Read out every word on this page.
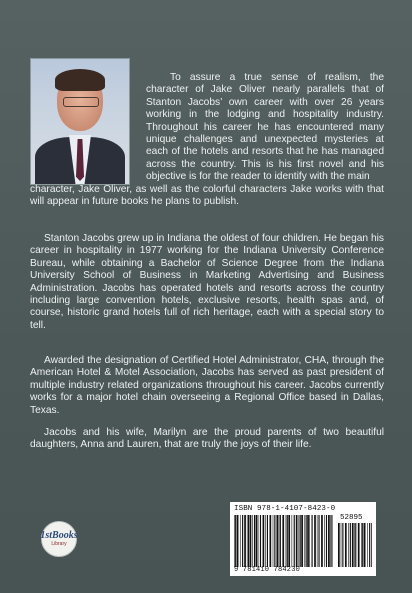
To assure a true sense of realism, the character of Jake Oliver nearly parallels that of Stanton Jacobs’ own career with over 26 years working in the lodging and hospitality industry. Throughout his career he has encountered many unique challenges and unexpected mysteries at each of the hotels and resorts that he has managed across the country. This is his first novel and his objective is for the reader to identify with the main
character, Jake Oliver, as well as the colorful characters Jake works with that will appear in future books he plans to publish.
Stanton Jacobs grew up in Indiana the oldest of four children. He began his career in hospitality in 1977 working for the Indiana University Conference Bureau, while obtaining a Bachelor of Science Degree from the Indiana University School of Business in Marketing Advertising and Business Administration. Jacobs has operated hotels and resorts across the country including large convention hotels, exclusive resorts, health spas and, of course, historic grand hotels full of rich heritage, each with a special story to tell.
Awarded the designation of Certified Hotel Administrator, CHA, through the American Hotel & Motel Association, Jacobs has served as past president of multiple industry related organizations throughout his career. Jacobs currently works for a major hotel chain overseeing a Regional Office based in Dallas, Texas.
Jacobs and his wife, Marilyn are the proud parents of two beautiful daughters, Anna and Lauren, that are truly the joys of their life.
1stBooks
Library
ISBN 978-1-4107-8423-0
52895
9 781410 784230
